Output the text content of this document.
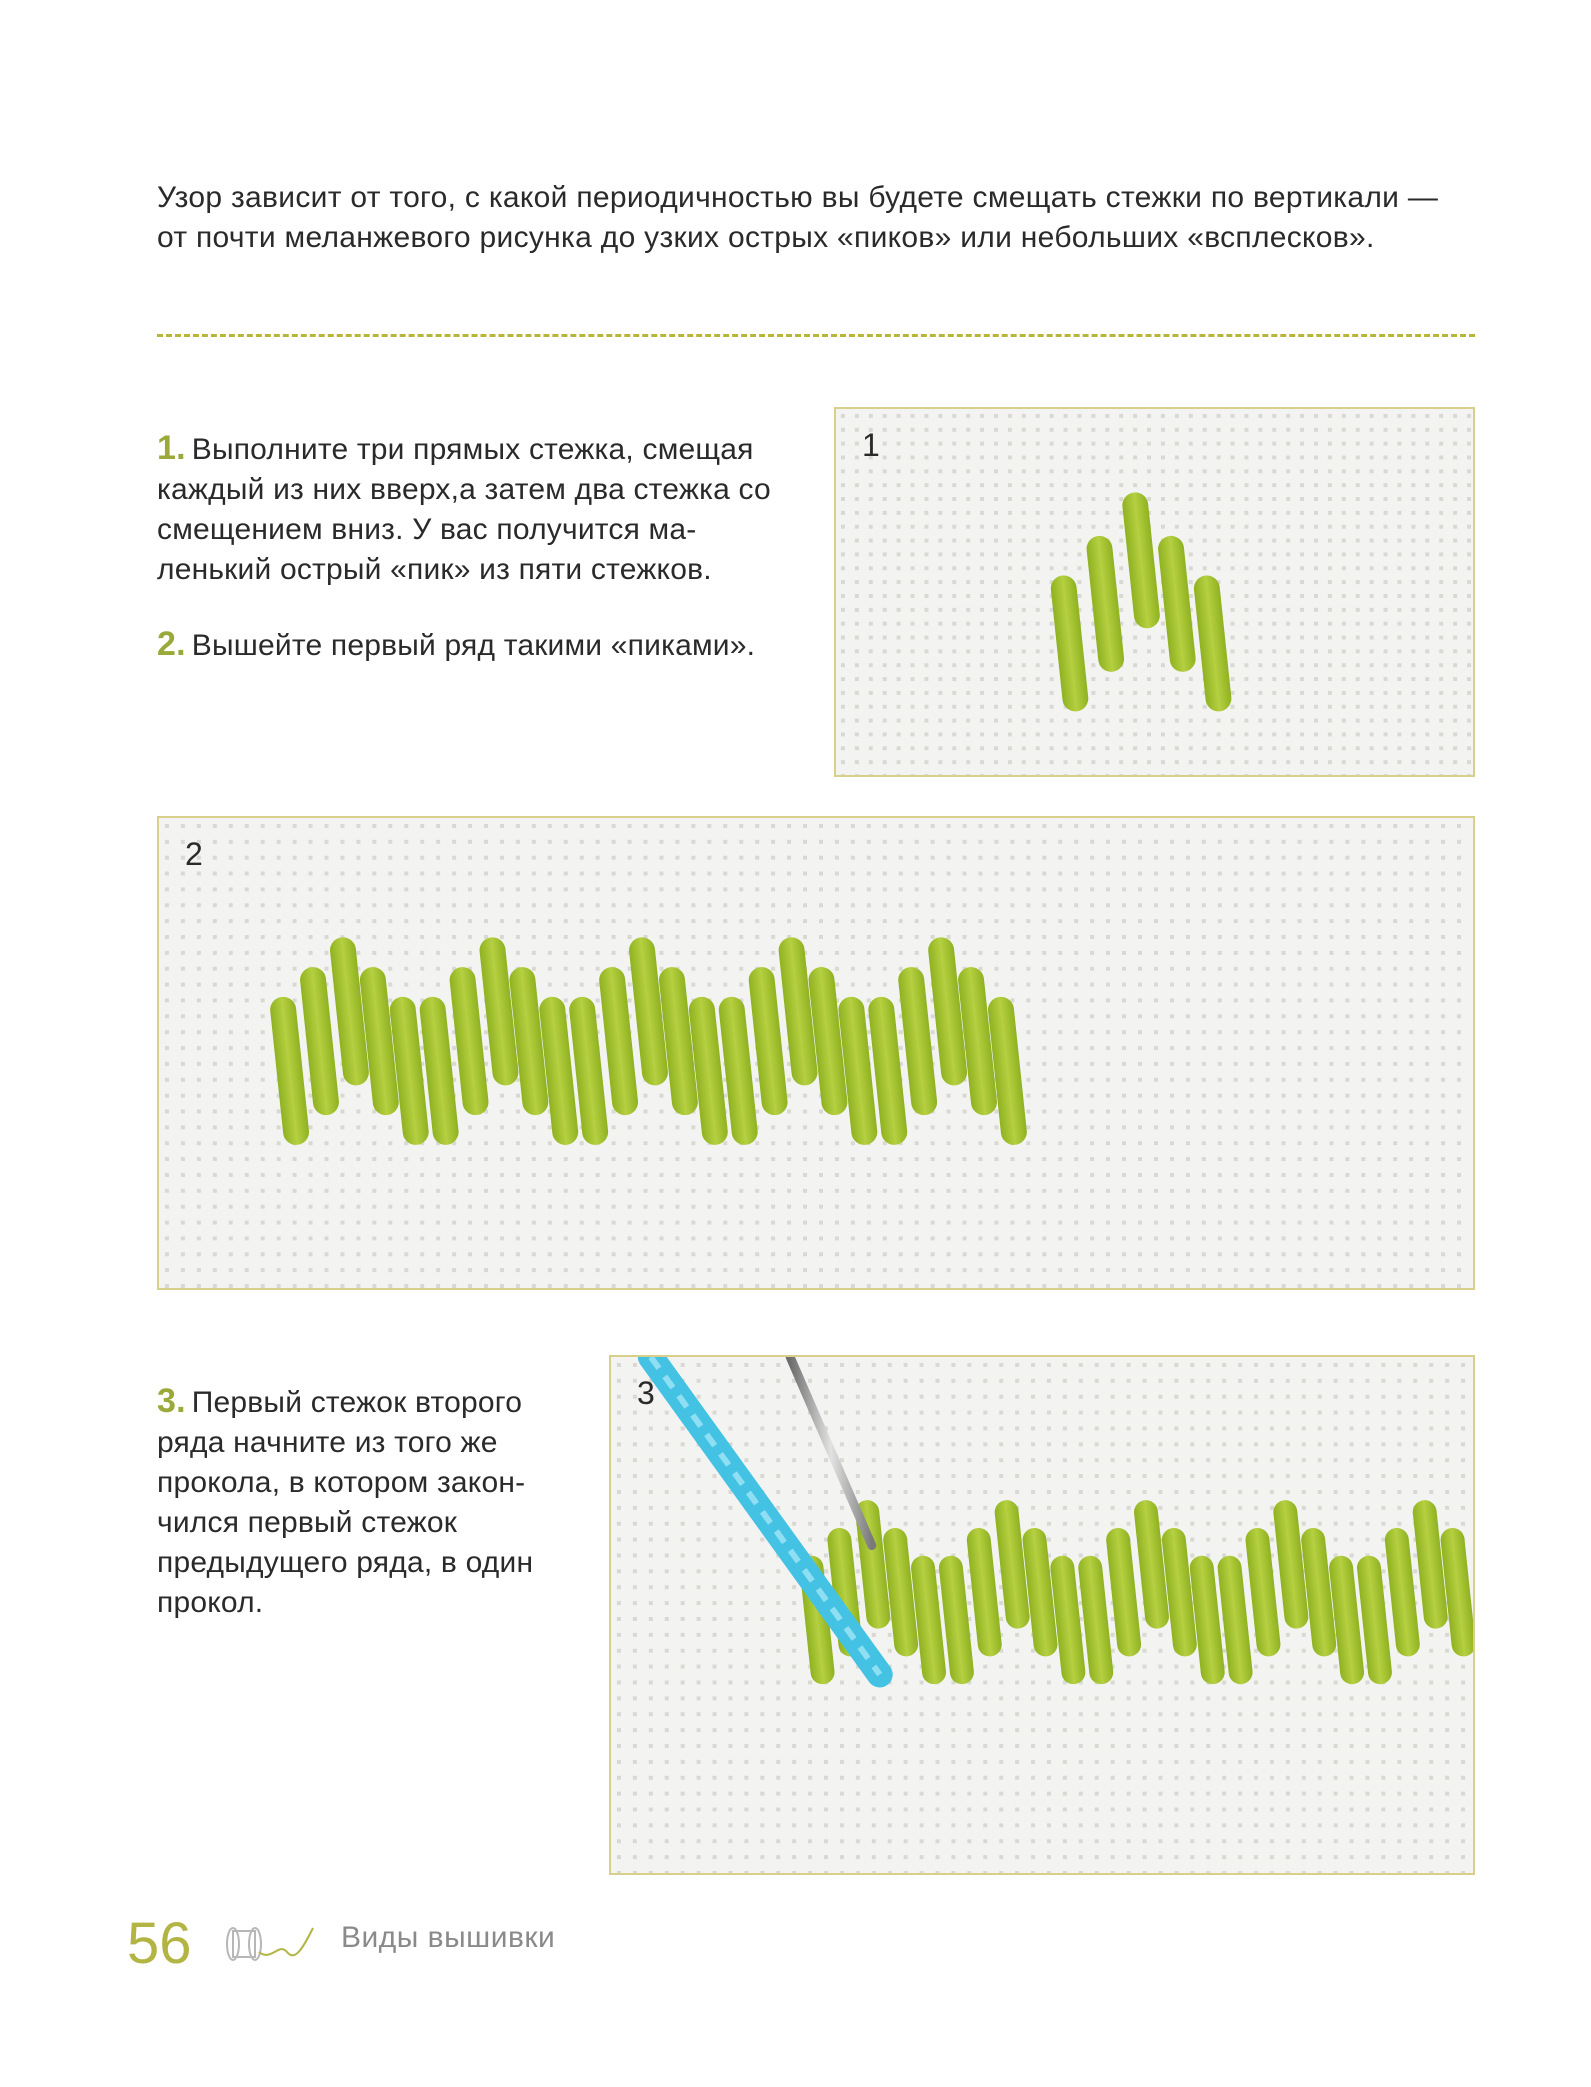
Узор зависит от того, с какой периодичностью вы будете смещать стежки по вертикали — от почти меланжевого рисунка до узких острых «пиков» или небольших «всплесков».

1. Выполните три прямых стежка, смещая каждый из них вверх,а затем два стежка со смещением вниз. У вас получится маленький острый «пик» из пяти стежков.

2. Вышейте первый ряд такими «пиками».

3. Первый стежок второго ряда начните из того же прокола, в котором закончился первый стежок предыдущего ряда, в один прокол.

1
2
3
56	Виды вышивки
